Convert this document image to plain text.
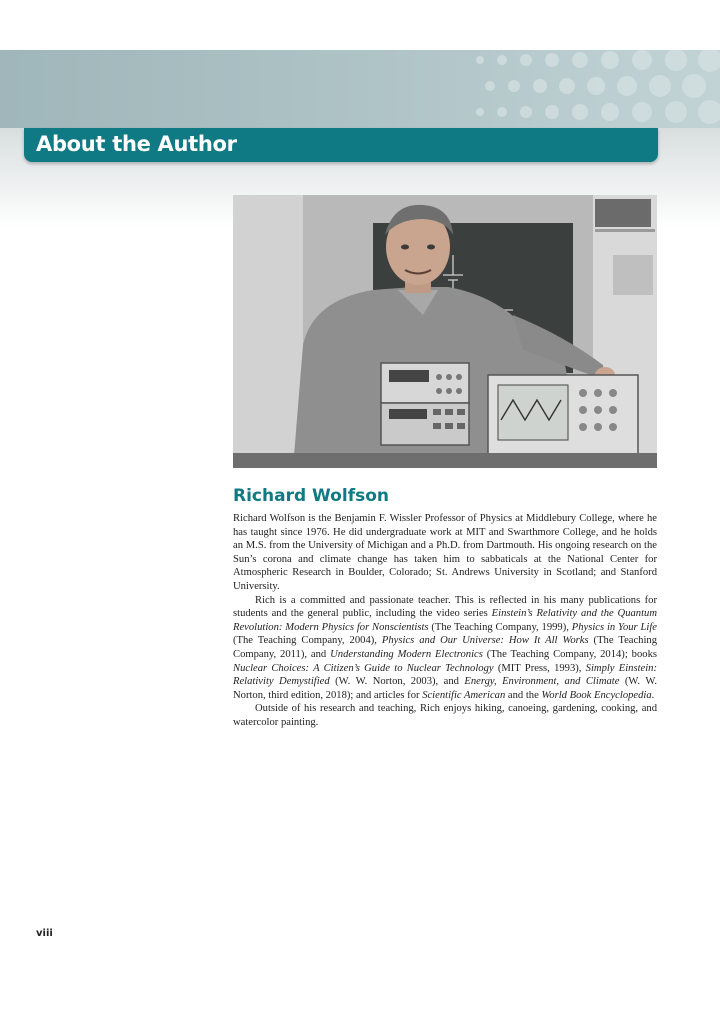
About the Author
Richard Wolfson

Richard Wolfson is the Benjamin F. Wissler Professor of Physics at Middlebury College, where he has taught since 1976. He did undergraduate work at MIT and Swarthmore College, and he holds an M.S. from the University of Michigan and a Ph.D. from Dartmouth. His ongoing research on the Sun’s corona and climate change has taken him to sabbaticals at the National Center for Atmospheric Research in Boulder, Colorado; St. Andrews University in Scotland; and Stanford University.

Rich is a committed and passionate teacher. This is reflected in his many publications for students and the general public, including the video series Einstein’s Relativity and the Quantum Revolution: Modern Physics for Nonscientists (The Teaching Company, 1999), Physics in Your Life (The Teaching Company, 2004), Physics and Our Universe: How It All Works (The Teaching Company, 2011), and Understanding Modern Electronics (The Teaching Company, 2014); books Nuclear Choices: A Citizen’s Guide to Nuclear Technology (MIT Press, 1993), Simply Einstein: Relativity Demystified (W. W. Norton, 2003), and Energy, Environment, and Climate (W. W. Norton, third edition, 2018); and articles for Scientific American and the World Book Encyclopedia.

Outside of his research and teaching, Rich enjoys hiking, canoeing, gardening, cooking, and watercolor painting.

viii
